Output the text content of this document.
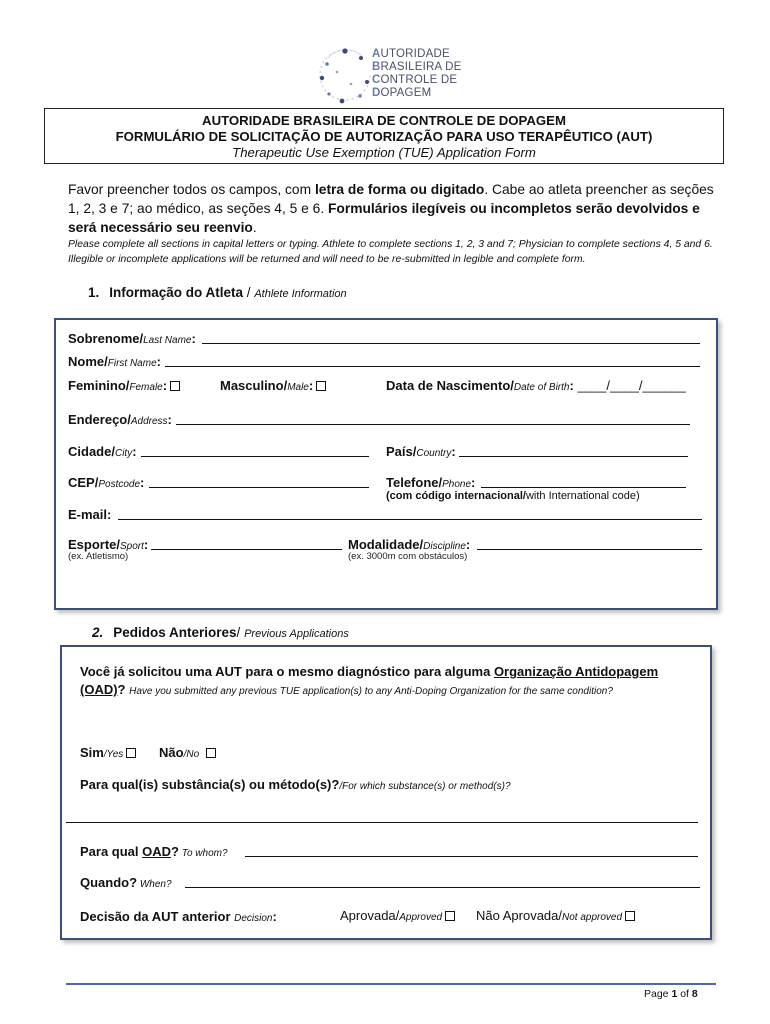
AUTORIDADE
BRASILEIRA DE
CONTROLE DE
DOPAGEM
AUTORIDADE BRASILEIRA DE CONTROLE DE DOPAGEM
FORMULÁRIO DE SOLICITAÇÃO DE AUTORIZAÇÃO PARA USO TERAPÊUTICO (AUT)
Therapeutic Use Exemption (TUE) Application Form
Favor preencher todos os campos, com letra de forma ou digitado. Cabe ao atleta preencher as seções 1, 2, 3 e 7; ao médico, as seções 4, 5 e 6. Formulários ilegíveis ou incompletos serão devolvidos e será necessário seu reenvio.
Please complete all sections in capital letters or typing. Athlete to complete sections 1, 2, 3 and 7; Physician to complete sections 4, 5 and 6. Illegible or incomplete applications will be returned and will need to be re-submitted in legible and complete form.
1. Informação do Atleta / Athlete Information
Sobrenome/Last Name:
Nome/First Name:
Feminino/Female:	Masculino/Male:	Data de Nascimento/Date of Birth: ____/____/______
Endereço/Address:
Cidade/City:	País/Country:
CEP/Postcode:	Telefone/Phone:
(com código internacional/with International code)
E-mail:
Esporte/Sport:
(ex. Atletismo)
Modalidade/Discipline:
(ex. 3000m com obstáculos)
2. Pedidos Anteriores/ Previous Applications
Você já solicitou uma AUT para o mesmo diagnóstico para alguma Organização Antidopagem (OAD)? Have you submitted any previous TUE application(s) to any Anti-Doping Organization for the same condition?
Sim/Yes	Não/No
Para qual(is) substância(s) ou método(s)?/For which substance(s) or method(s)?
Para qual OAD? To whom?
Quando? When?
Decisão da AUT anterior Decision:	Aprovada/Approved	Não Aprovada/Not approved
Page 1 of 8
